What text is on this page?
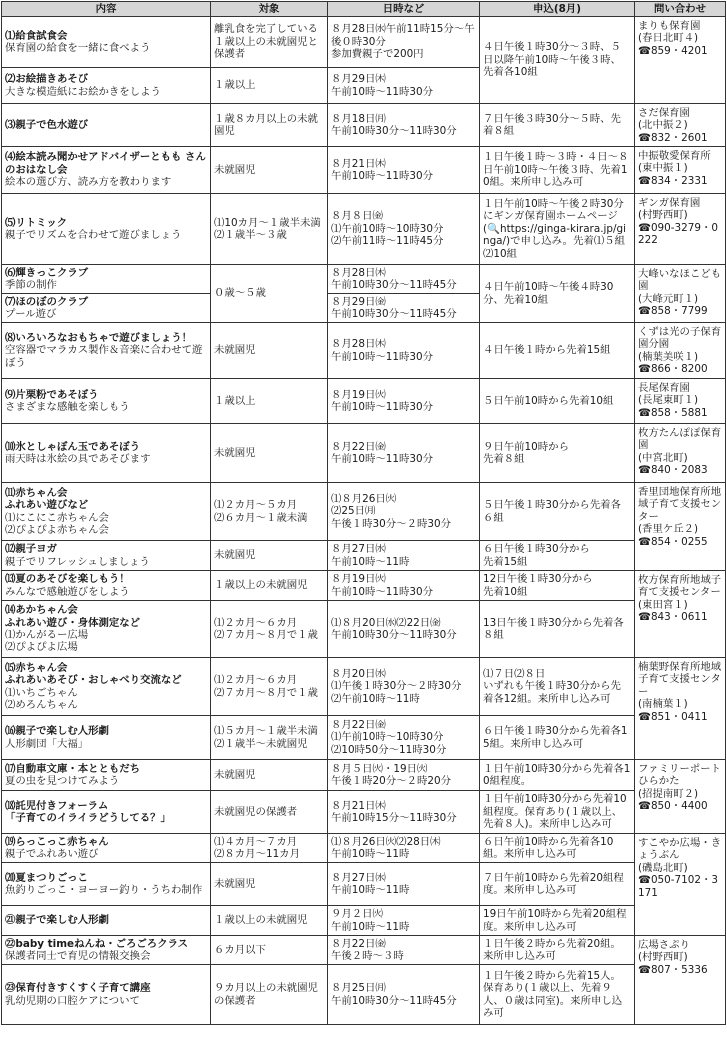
内容	対象	日時など	申込(8月)	問い合わせ

⑴給食試食会
保育園の給食を一緒に食べよう	離乳食を完了している１歳以上の未就園児と保護者	８月28日㈬午前11時15分〜午後０時30分
参加費親子で200円	４日午後１時30分〜３時、５日以降午前10時〜午後３時、先着各10組	まりも保育園
(春日北町４)
☎859・4201

⑵お絵描きあそび
大きな模造紙にお絵かきをしよう	１歳以上	８月29日㈭
午前10時〜11時30分		

⑶親子で色水遊び	１歳８カ月以上の未就園児	８月18日㈪
午前10時30分〜11時30分	７日午後３時30分〜５時、先着８組	さだ保育園
(北中振２)
☎832・2601

⑷絵本読み聞かせアドバイザーともも さんのおはなし会
絵本の選び方、読み方を教わります	未就園児	８月21日㈭
午前10時〜11時30分	１日午後１時〜３時・４日〜８日午前10時〜午後３時、先着10組。来所申し込み可	中振敬愛保育所
(東中振１)
☎834・2331

⑸リトミック
親子でリズムを合わせて遊びましょう	⑴10カ月〜１歳半未満
⑵１歳半〜３歳	８月８日㈮
⑴午前10時〜10時30分
⑵午前11時〜11時45分	１日午前10時〜午後２時30分にギンガ保育園ホームページ(🔍https://ginga-kirara.jp/ginga/)で申し込み。先着⑴５組⑵10組	ギンガ保育園
(村野西町)
☎090-3279・0222

⑹輝きっこクラブ
季節の制作	０歳〜５歳	８月28日㈭
午前10時30分〜11時45分	４日午前10時〜午後４時30分、先着10組	大峰いなほこども園
(大峰元町１)
☎858・7799

⑺ほのぼのクラブ
プール遊び		８月29日㈮
午前10時30分〜11時45分		

⑻いろいろなおもちゃで遊びましょう！
空容器でマラカス製作＆音楽に合わせて遊ぼう	未就園児	８月28日㈭
午前10時〜11時30分	４日午後１時から先着15組	くずは光の子保育園分園
(楠葉美咲１)
☎866・8200

⑼片栗粉であそぼう
さまざまな感触を楽しもう	１歳以上	８月19日㈫
午前10時〜11時30分	５日午前10時から先着10組	長尾保育園
(長尾東町１)
☎858・5881

⑽氷としゃぼん玉であそぼう
雨天時は氷絵の具であそびます	未就園児	８月22日㈮
午前10時〜11時30分	９日午前10時から
先着８組	枚方たんぽぽ保育園
(中宮北町)
☎840・2083

⑾赤ちゃん会
ふれあい遊びなど
⑴にこにこ赤ちゃん会
⑵ぴよぴよ赤ちゃん会	⑴２カ月〜５カ月
⑵６カ月〜１歳未満	⑴８月26日㈫
⑵25日㈪
午後１時30分〜２時30分	５日午後１時30分から先着各６組	香里団地保育所地域子育て支援センター
(香里ケ丘２)
☎854・0255

⑿親子ヨガ
親子でリフレッシュしましょう	未就園児	８月27日㈬
午前10時〜11時	６日午後１時30分から
先着15組	

⒀夏のあそびを楽しもう！
みんなで感触遊びをしよう	１歳以上の未就園児	８月19日㈫
午前10時〜11時30分	12日午後１時30分から
先着10組	枚方保育所地域子育て支援センター
(東田宮１)
☎843・0611

⒁あかちゃん会
ふれあい遊び・身体測定など
⑴かんがるー広場
⑵ぴよぴよ広場	⑴２カ月〜６カ月
⑵７カ月〜８月で１歳	⑴８月20日㈬⑵22日㈮
午前10時30分〜11時30分	13日午後１時30分から先着各８組	

⒂赤ちゃん会
ふれあいあそび・おしゃべり交流など
⑴いちごちゃん
⑵めろんちゃん	⑴２カ月〜６カ月
⑵７カ月〜８月で１歳	８月20日㈬
⑴午後１時30分〜２時30分
⑵午前10時〜11時	⑴７日⑵８日
いずれも午後１時30分から先着各12組。来所申し込み可	楠葉野保育所地域子育て支援センター
(南楠葉１)
☎851・0411

⒃親子で楽しむ人形劇
人形劇団「大福」	⑴５カ月〜１歳半未満
⑵１歳半〜未就園児	８月22日㈮
⑴午前10時〜10時30分
⑵10時50分〜11時30分	６日午後１時30分から先着各15組。来所申し込み可	

⒄自動車文庫・本とともだち
夏の虫を見つけてみよう	未就園児	８月５日㈫・19日㈫
午後１時20分〜２時20分	１日午前10時30分から先着各10組程度。	ファミリーポートひらかた
(招提南町２)
☎850・4400

⒅託児付きフォーラム
「子育てのイライラどうしてる？」	未就園児の保護者	８月21日㈭
午前10時15分〜11時30分	１日午前10時30分から先着10組程度。保育あり(１歳以上、先着８人)。来所申し込み可	

⒆らっこっこ赤ちゃん
親子でふれあい遊び	⑴４カ月〜７カ月
⑵８カ月〜11カ月	⑴８月26日㈫⑵28日㈭
午前10時〜11時	６日午前10時から先着各10組。来所申し込み可	すこやか広場・きょうぶん
(磯島北町)
☎050-7102・3171

⒇夏まつりごっこ
魚釣りごっこ・ヨーヨー釣り・うちわ制作	未就園児	８月27日㈬
午前10時〜11時	７日午前10時から先着20組程度。来所申し込み可	

㉑親子で楽しむ人形劇	１歳以上の未就園児	９月２日㈫
午前10時〜11時	19日午前10時から先着20組程度。来所申し込み可	

㉒baby timeねんね・ごろごろクラス
保護者同士で育児の情報交換会	６カ月以下	８月22日㈮
午後２時〜３時	１日午後２時から先着20組。来所申し込み可	広場さぷり
(村野西町)
☎807・5336

㉓保育付きすくすく子育て講座
乳幼児期の口腔ケアについて	９カ月以上の未就園児の保護者	８月25日㈪
午前10時30分〜11時45分	１日午後２時から先着15人。保育あり(１歳以上、先着９人、０歳は同室)。来所申し込み可	
